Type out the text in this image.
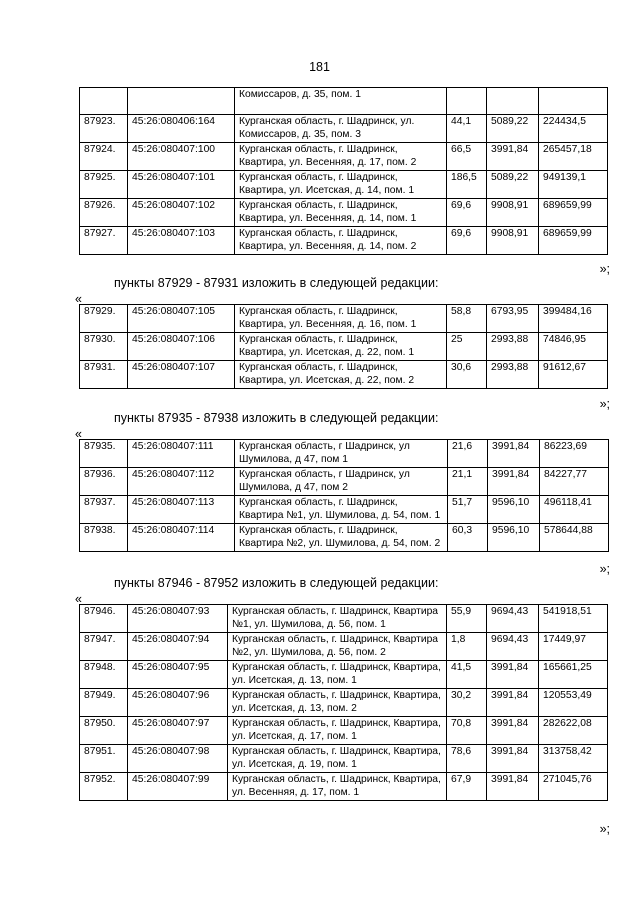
181
		Комиссаров, д. 35, пом. 1			
87923.	45:26:080406:164	Курганская область, г. Шадринск, ул. Комиссаров, д. 35, пом. 3	44,1	5089,22	224434,5
87924.	45:26:080407:100	Курганская область, г. Шадринск, Квартира, ул. Весенняя, д. 17, пом. 2	66,5	3991,84	265457,18
87925.	45:26:080407:101	Курганская область, г. Шадринск, Квартира, ул. Исетская, д. 14, пом. 1	186,5	5089,22	949139,1
87926.	45:26:080407:102	Курганская область, г. Шадринск, Квартира, ул. Весенняя, д. 14, пом. 1	69,6	9908,91	689659,99
87927.	45:26:080407:103	Курганская область, г. Шадринск, Квартира, ул. Весенняя, д. 14, пом. 2	69,6	9908,91	689659,99
»;
пункты 87929 - 87931 изложить в следующей редакции:
«
87929.	45:26:080407:105	Курганская область, г. Шадринск, Квартира, ул. Весенняя, д. 16, пом. 1	58,8	6793,95	399484,16
87930.	45:26:080407:106	Курганская область, г. Шадринск, Квартира, ул. Исетская, д. 22, пом. 1	25	2993,88	74846,95
87931.	45:26:080407:107	Курганская область, г. Шадринск, Квартира, ул. Исетская, д. 22, пом. 2	30,6	2993,88	91612,67
»;
пункты 87935 - 87938 изложить в следующей редакции:
«
87935.	45:26:080407:111	Курганская область, г Шадринск, ул Шумилова, д 47, пом 1	21,6	3991,84	86223,69
87936.	45:26:080407:112	Курганская область, г Шадринск, ул Шумилова, д 47, пом 2	21,1	3991,84	84227,77
87937.	45:26:080407:113	Курганская область, г. Шадринск, Квартира №1, ул. Шумилова, д. 54, пом. 1	51,7	9596,10	496118,41
87938.	45:26:080407:114	Курганская область, г. Шадринск, Квартира №2, ул. Шумилова, д. 54, пом. 2	60,3	9596,10	578644,88
»;
пункты 87946 - 87952 изложить в следующей редакции:
«
87946.	45:26:080407:93	Курганская область, г. Шадринск, Квартира №1, ул. Шумилова, д. 56, пом. 1	55,9	9694,43	541918,51
87947.	45:26:080407:94	Курганская область, г. Шадринск, Квартира №2, ул. Шумилова, д. 56, пом. 2	1,8	9694,43	17449,97
87948.	45:26:080407:95	Курганская область, г. Шадринск, Квартира, ул. Исетская, д. 13, пом. 1	41,5	3991,84	165661,25
87949.	45:26:080407:96	Курганская область, г. Шадринск, Квартира, ул. Исетская, д. 13, пом. 2	30,2	3991,84	120553,49
87950.	45:26:080407:97	Курганская область, г. Шадринск, Квартира, ул. Исетская, д. 17, пом. 1	70,8	3991,84	282622,08
87951.	45:26:080407:98	Курганская область, г. Шадринск, Квартира, ул. Исетская, д. 19, пом. 1	78,6	3991,84	313758,42
87952.	45:26:080407:99	Курганская область, г. Шадринск, Квартира, ул. Весенняя, д. 17, пом. 1	67,9	3991,84	271045,76
»;
